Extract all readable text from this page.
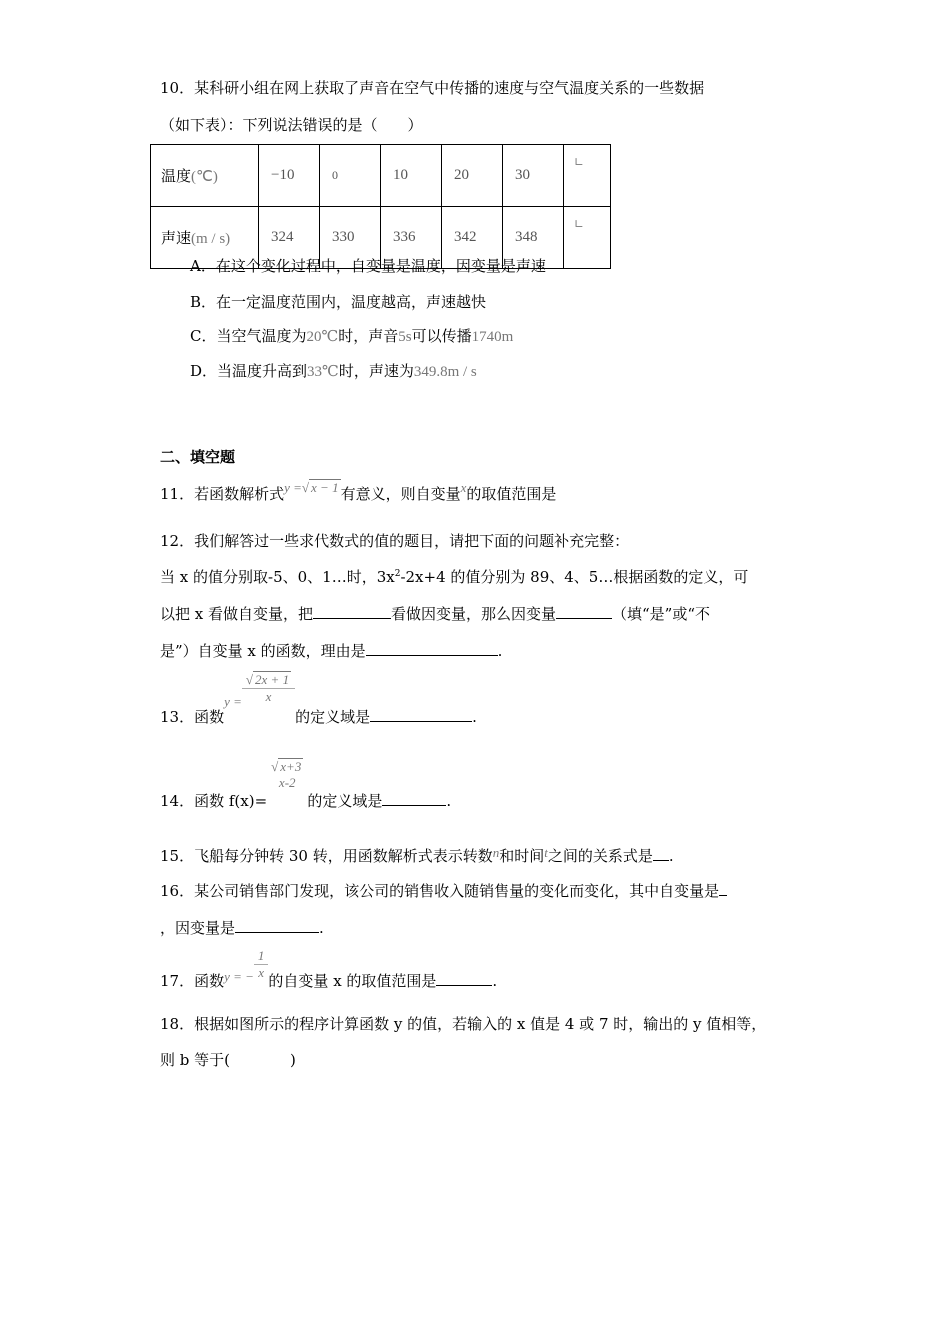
10．某科研小组在网上获取了声音在空气中传播的速度与空气温度关系的一些数据
（如下表）：下列说法错误的是（　　）
温度(℃)	−10	0	10	20	30	∟
声速(m / s)	324	330	336	342	348	∟
A．在这个变化过程中，自变量是温度，因变量是声速
B．在一定温度范围内，温度越高，声速越快
C．当空气温度为20℃时，声音5s可以传播1740m
D．当温度升高到33℃时，声速为349.8m / s
二、填空题
11．若函数解析式y =√ x − 1 有意义，则自变量x的取值范围是
12．我们解答过一些求代数式的值的题目，请把下面的问题补充完整：
当 x 的值分别取-5、0、1…时，$3x^2-2x+4$ 的值分别为 89、4、5…根据函数的定义，可
以把 x 看做自变量，把	看做因变量，那么因变量	（填“是”或“不
是”）自变量 x 的函数，理由是	.
13．函数$y = \frac{√ 2x + 1}{x}$
的定义域是	.
14．函数 f(x)=
√ x+3
x-2
的定义域是	.
15．飞船每分钟转 30 转，用函数解析式表示转数n和时间t之间的关系式是 .
16．某公司销售部门发现，该公司的销售收入随销售量的变化而变化，其中自变量是
，因变量是	.
17．函数y = − $\frac{1}{x}$ 的自变量 x 的取值范围是	.
18．根据如图所示的程序计算函数 y 的值，若输入的 x 值是 4 或 7 时，输出的 y 值相等，
则 b 等于(　　　　)
